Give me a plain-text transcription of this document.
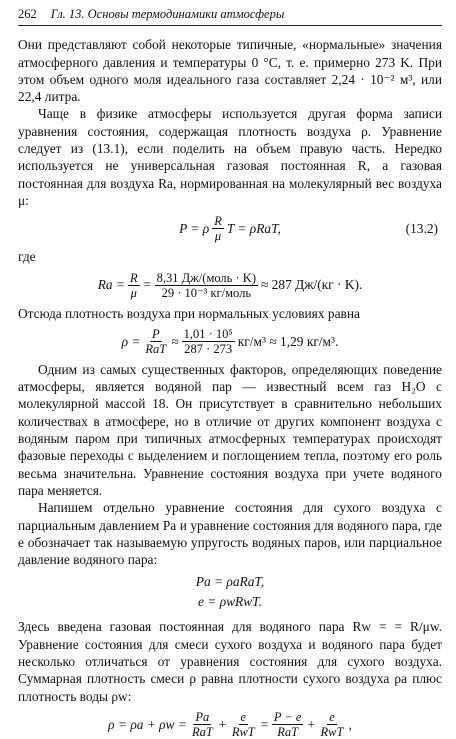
262 Гл. 13. Основы термодинамики атмосферы

Они представляют собой некоторые типичные, «нормальные» значения атмосферного давления и температуры 0 °C, т. е. примерно 273 K. При этом объем одного моля идеального газа составляет 2,24 · 10⁻² м³, или 22,4 литра.

Чаще в физике атмосферы используется другая форма записи уравнения состояния, содержащая плотность воздуха ρ. Уравнение следует из (13.1), если поделить на объем правую часть. Нередко используется не универсальная газовая постоянная R, а газовая постоянная для воздуха Ra, нормированная на молекулярный вес воздуха μ:

P = ρ $\frac{R}{\mu}$ T = ρRaT,	(13.2)

где

$Ra = \frac{R}{\mu} = \frac{\text{8,31 Дж/(моль · K)}}{\text{29 · 10⁻³ кг/моль}} \approx 287$ Дж/(кг · K).

Отсюда плотность воздуха при нормальных условиях равна

$\rho = \frac{P}{\text{RaT}} \approx \frac{\text{1,01 · 10⁵}}{287 \cdot 273} кг/м^3 \approx 1,29$ кг/м³.

Одним из самых существенных факторов, определяющих поведение атмосферы, является водяной пар — известный всем газ H₂O с молекулярной массой 18. Он присутствует в сравнительно небольших количествах в атмосфере, но в отличие от других компонент воздуха с водяным паром при типичных атмосферных температурах происходят фазовые переходы с выделением и поглощением тепла, поэтому его роль весьма значительна. Уравнение состояния воздуха при учете водяного пара меняется.

Напишем отдельно уравнение состояния для сухого воздуха с парциальным давлением Pa и уравнение состояния для водяного пара, где e обозначает так называемую упругость водяных паров, или парциальное давление водяного пара:

Pa = ρaRaT,
e = ρwRwT.

Здесь введена газовая постоянная для водяного пара Rw = = R/μw. Уравнение состояния для смеси сухого воздуха и водяного пара будет несколько отличаться от уравнения состояния для сухого воздуха. Суммарная плотность смеси ρ равна плотности сухого воздуха ρa плюс плотность воды ρw:

$\rho = \rho a + \rho w = \frac{Pa}{\text{RaT}} + \frac{e}{\text{RwT}} = \frac{P - e}{\text{RaT}} + \frac{e}{\text{RwT}}$ ,
